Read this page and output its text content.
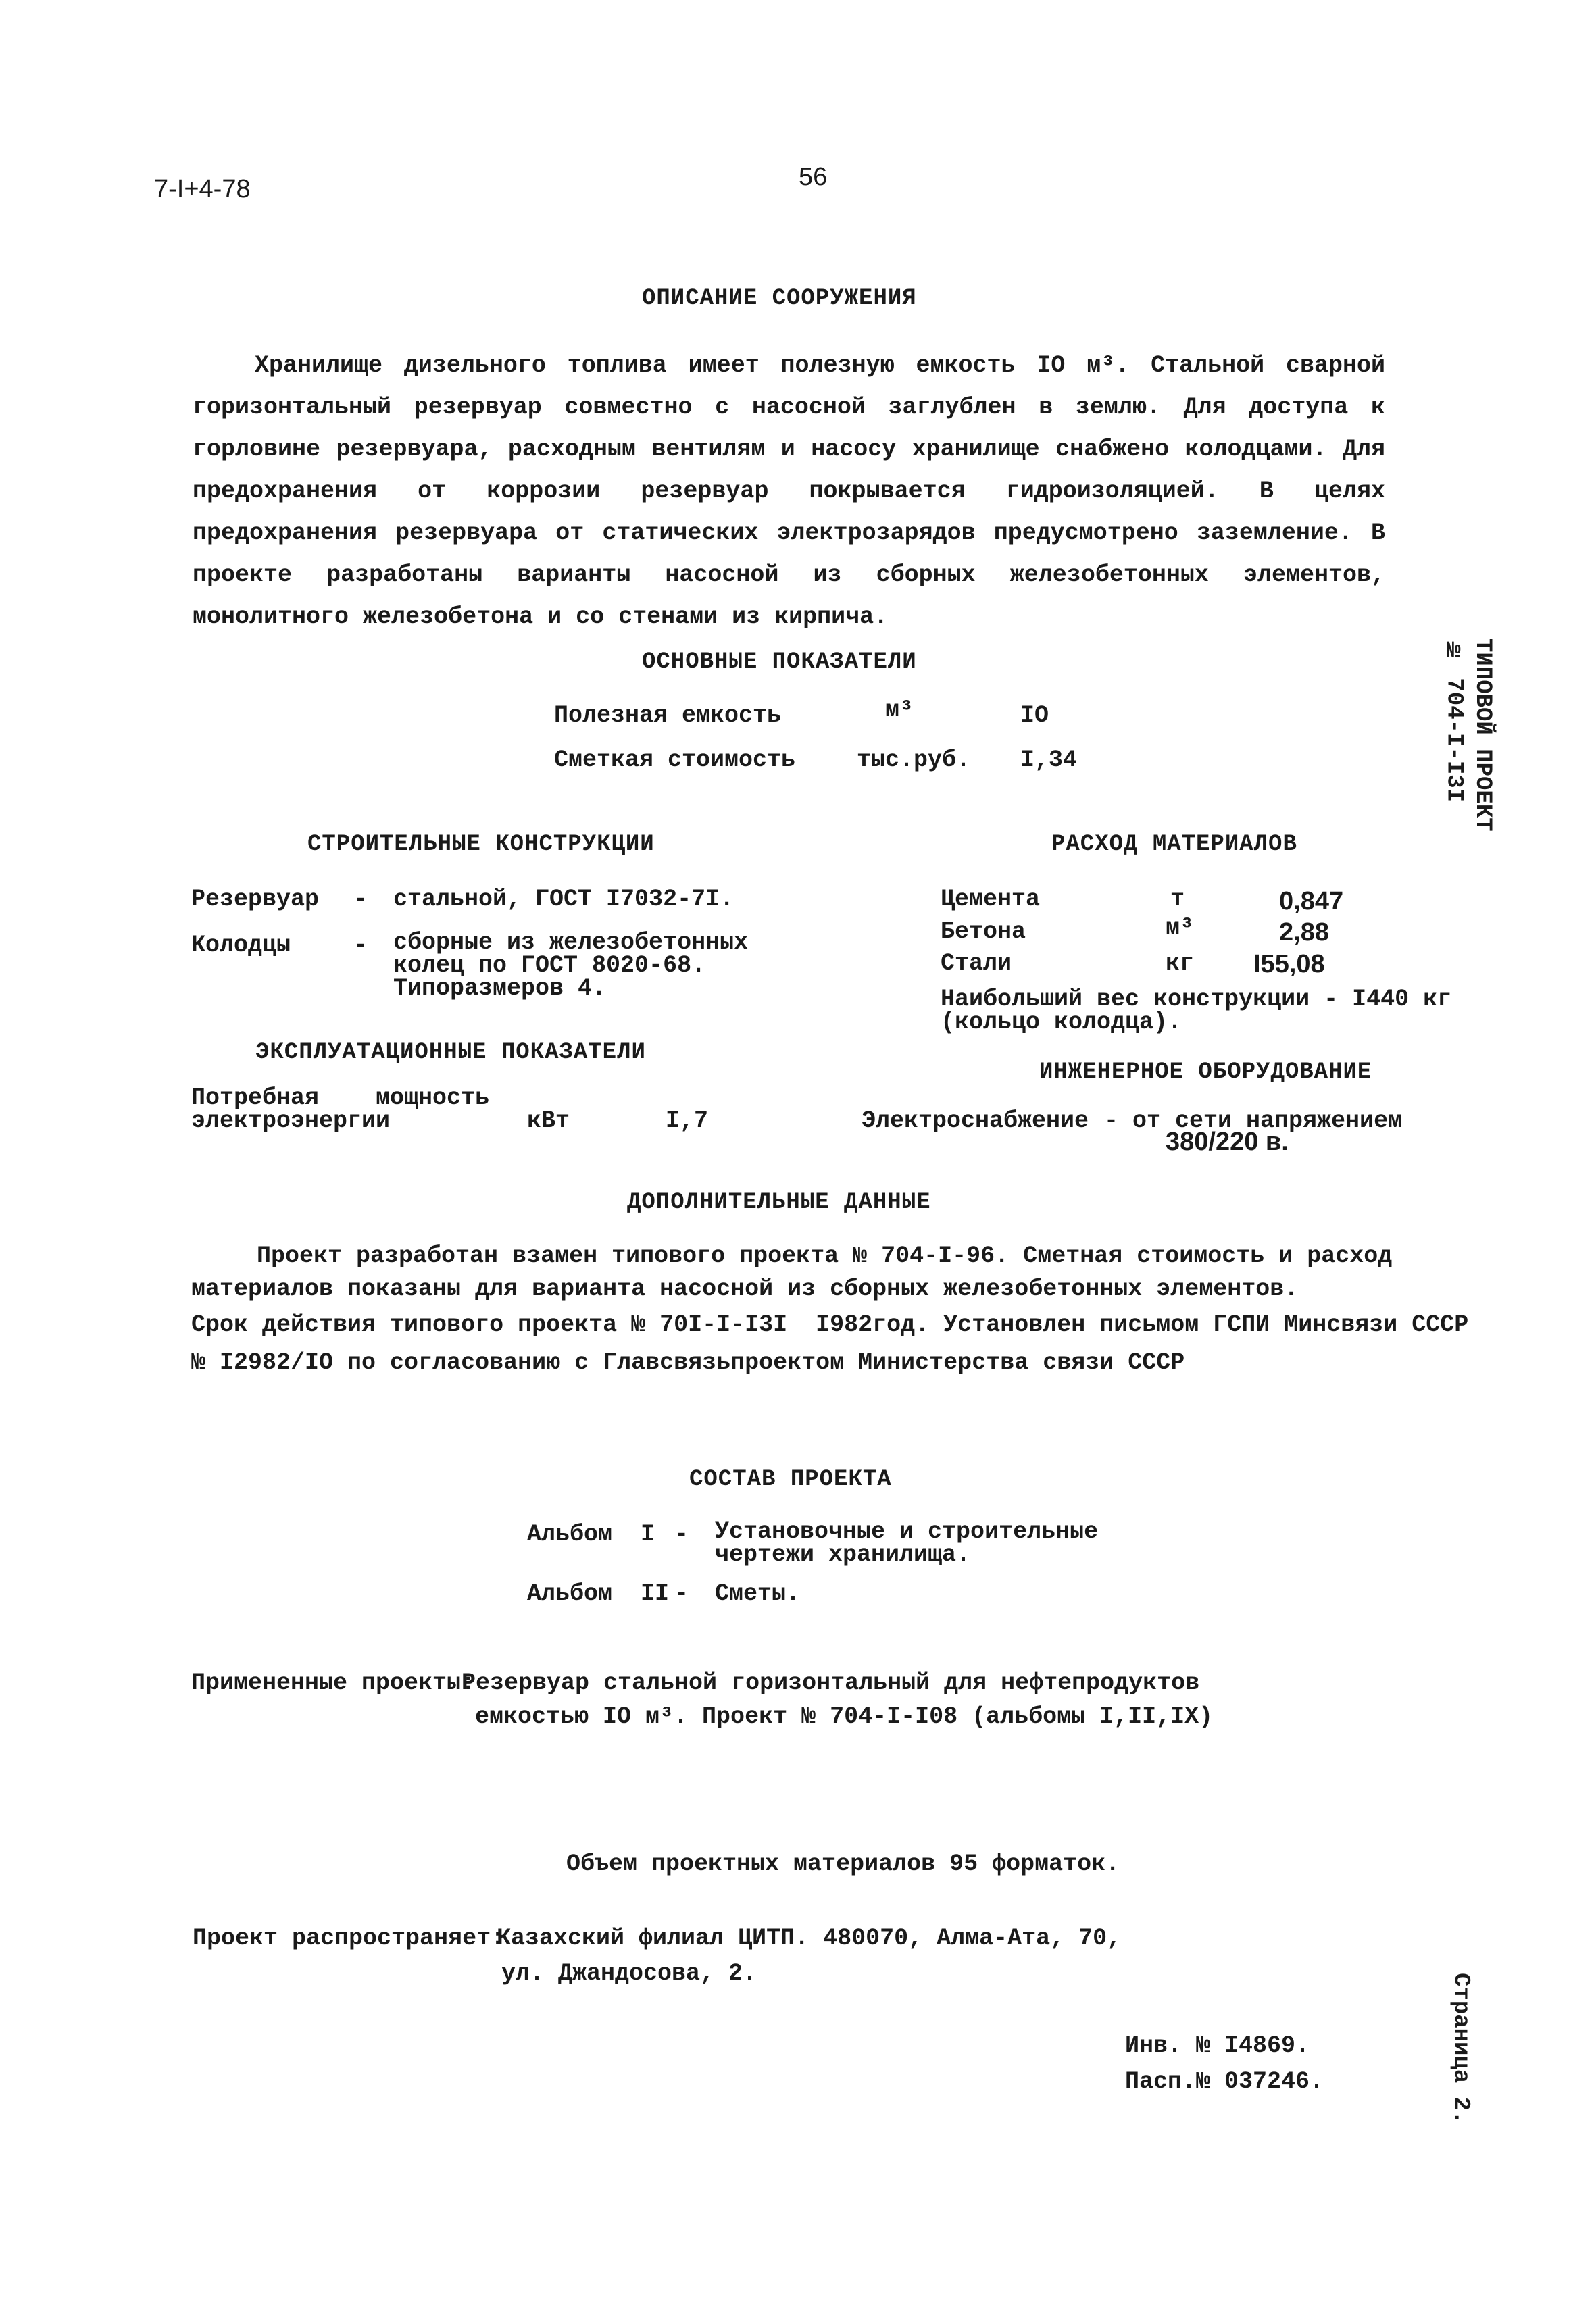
7-I+4-78	56
ТИПОВОЙ ПРОЕКТ
№ 704-I-I3I
Страница 2.
ОПИСАНИЕ СООРУЖЕНИЯ
Хранилище дизельного топлива имеет полезную емкость IO м³. Стальной сварной горизонтальный резервуар совместно с насосной заглублен в землю. Для доступа к горловине резервуара, расходным вентилям и насосу хранилище снабжено колодцами. Для предохранения от коррозии резервуар покрывается гидроизоляцией. В целях предохранения резервуара от статических электрозарядов предусмотрено заземление. В проекте разработаны варианты насосной из сборных железобетонных элементов, монолитного железобетона и со стенами из кирпича.
ОСНОВНЫЕ ПОКАЗАТЕЛИ
Полезная емкость	м³	IO
Сметкая стоимость	тыс.руб. I,34
СТРОИТЕЛЬНЫЕ КОНСТРУКЦИИ
Резервуар - стальной, ГОСТ I7032-7I.
Колодцы	- сборные из железобетонных
колец по ГОСТ 8020-68.
Типоразмеров 4.
РАСХОД МАТЕРИАЛОВ
Цемента	т	0,847
Бетона	м³	2,88
Стали	кг I55,08
Наибольший вес конструкции - I440 кг
(кольцо колодца).
ЭКСПЛУАТАЦИОННЫЕ ПОКАЗАТЕЛИ
Потребная    мощность
электроэнергии	кВт	I,7
ИНЖЕНЕРНОЕ ОБОРУДОВАНИЕ
Электроснабжение - от сети напряжением
380/220 в.
ДОПОЛНИТЕЛЬНЫЕ ДАННЫЕ
Проект разработан взамен типового проекта № 704-I-96. Сметная стоимость и расход
материалов показаны для варианта насосной из сборных железобетонных элементов.
Срок действия типового проекта № 70I-I-I3I  I982год. Установлен письмом ГСПИ Минсвязи СССР
№ I2982/IO по согласованию с Главсвязьпроектом Министерства связи СССР
СОСТАВ ПРОЕКТА
Альбом  I - Установочные и строительные
чертежи хранилища.
Альбом  II - Сметы.
Примененные проекты:
Резервуар стальной горизонтальный для нефтепродуктов
емкостью IO м³. Проект № 704-I-I08 (альбомы I,II,IX)
Объем проектных материалов 95 форматок.
Проект распространяет:
Казахский филиал ЦИТП. 480070, Алма-Ата, 70,
ул. Джандосова, 2.
Инв. № I4869.
Пасп.№ 037246.
